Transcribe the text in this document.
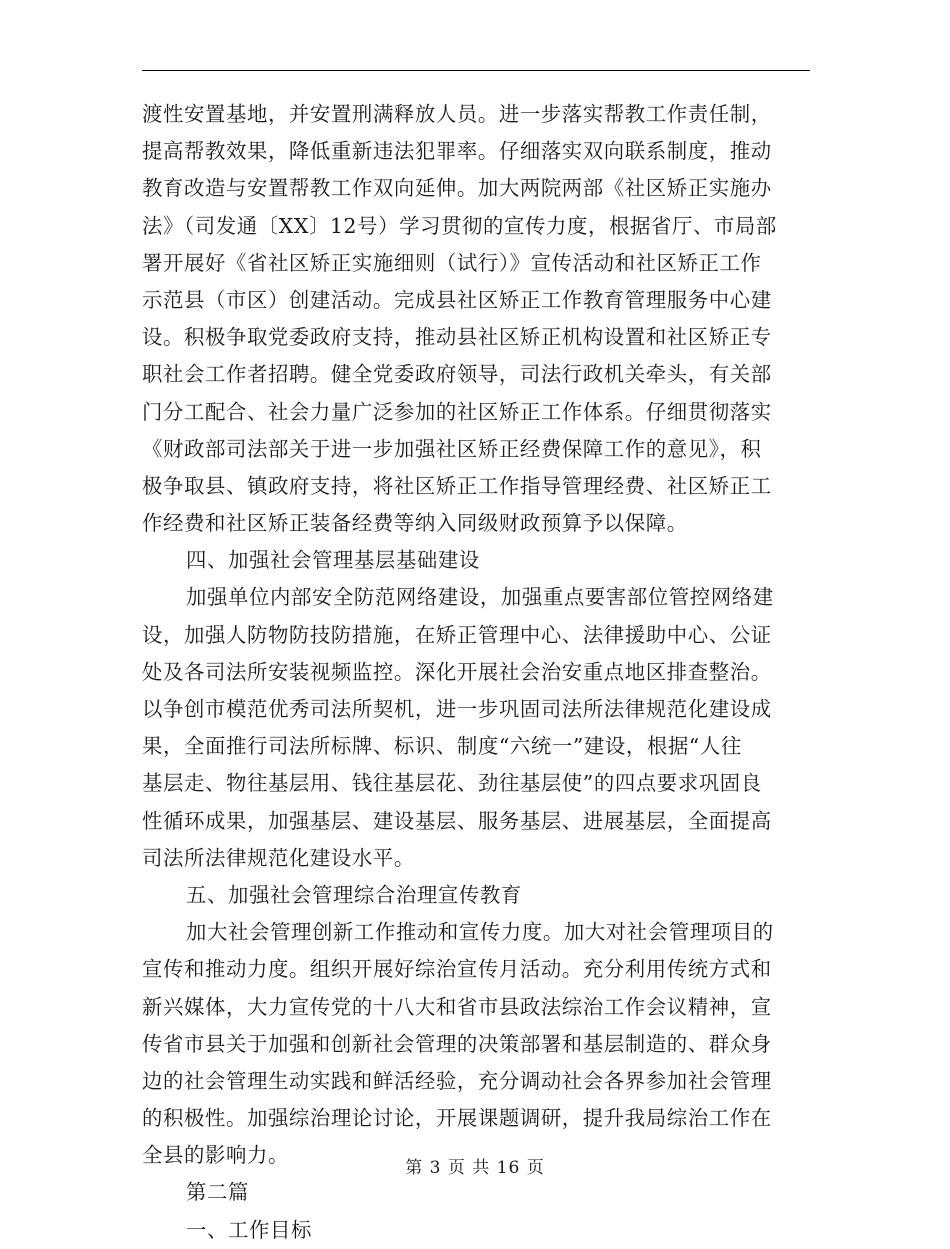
渡性安置基地，并安置刑满释放人员。进一步落实帮教工作责任制，
提高帮教效果，降低重新违法犯罪率。仔细落实双向联系制度，推动
教育改造与安置帮教工作双向延伸。加大两院两部《社区矫正实施办
法》（司发通〔XX〕12号）学习贯彻的宣传力度，根据省厅、市局部
署开展好《省社区矫正实施细则（试行）》宣传活动和社区矫正工作
示范县（市区）创建活动。完成县社区矫正工作教育管理服务中心建
设。积极争取党委政府支持，推动县社区矫正机构设置和社区矫正专
职社会工作者招聘。健全党委政府领导，司法行政机关牵头，有关部
门分工配合、社会力量广泛参加的社区矫正工作体系。仔细贯彻落实
《财政部司法部关于进一步加强社区矫正经费保障工作的意见》，积
极争取县、镇政府支持，将社区矫正工作指导管理经费、社区矫正工
作经费和社区矫正装备经费等纳入同级财政预算予以保障。
四、加强社会管理基层基础建设
加强单位内部安全防范网络建设，加强重点要害部位管控网络建
设，加强人防物防技防措施，在矫正管理中心、法律援助中心、公证
处及各司法所安装视频监控。深化开展社会治安重点地区排查整治。
以争创市模范优秀司法所契机，进一步巩固司法所法律规范化建设成
果，全面推行司法所标牌、标识、制度“六统一”建设，根据“人往
基层走、物往基层用、钱往基层花、劲往基层使”的四点要求巩固良
性循环成果，加强基层、建设基层、服务基层、进展基层，全面提高
司法所法律规范化建设水平。
五、加强社会管理综合治理宣传教育
加大社会管理创新工作推动和宣传力度。加大对社会管理项目的
宣传和推动力度。组织开展好综治宣传月活动。充分利用传统方式和
新兴媒体，大力宣传党的十八大和省市县政法综治工作会议精神，宣
传省市县关于加强和创新社会管理的决策部署和基层制造的、群众身
边的社会管理生动实践和鲜活经验，充分调动社会各界参加社会管理
的积极性。加强综治理论讨论，开展课题调研，提升我局综治工作在
全县的影响力。
第二篇
一、工作目标
第 3 页 共 16 页
